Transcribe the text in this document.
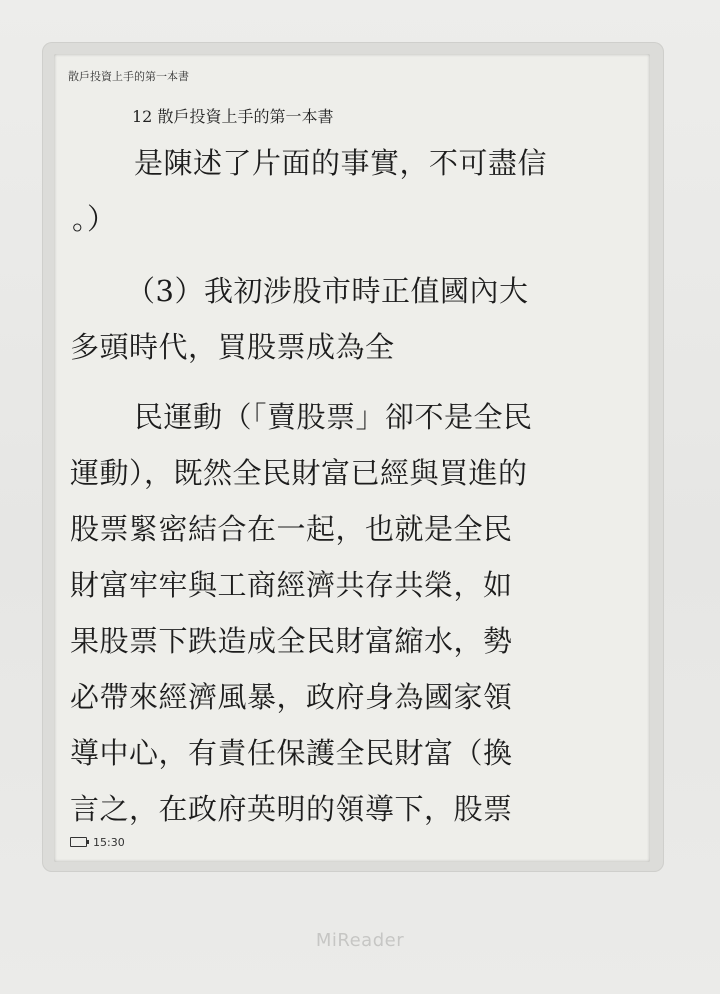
散戶投資上手的第一本書
12 散戶投資上手的第一本書
是陳述了片面的事實，不可盡信
。）
（3）我初涉股市時正值國內大
多頭時代，買股票成為全
民運動（「賣股票」卻不是全民
運動），既然全民財富已經與買進的
股票緊密結合在一起，也就是全民
財富牢牢與工商經濟共存共榮，如
果股票下跌造成全民財富縮水，勢
必帶來經濟風暴，政府身為國家領
導中心，有責任保護全民財富（換
言之，在政府英明的領導下，股票
15:30
MiReader
